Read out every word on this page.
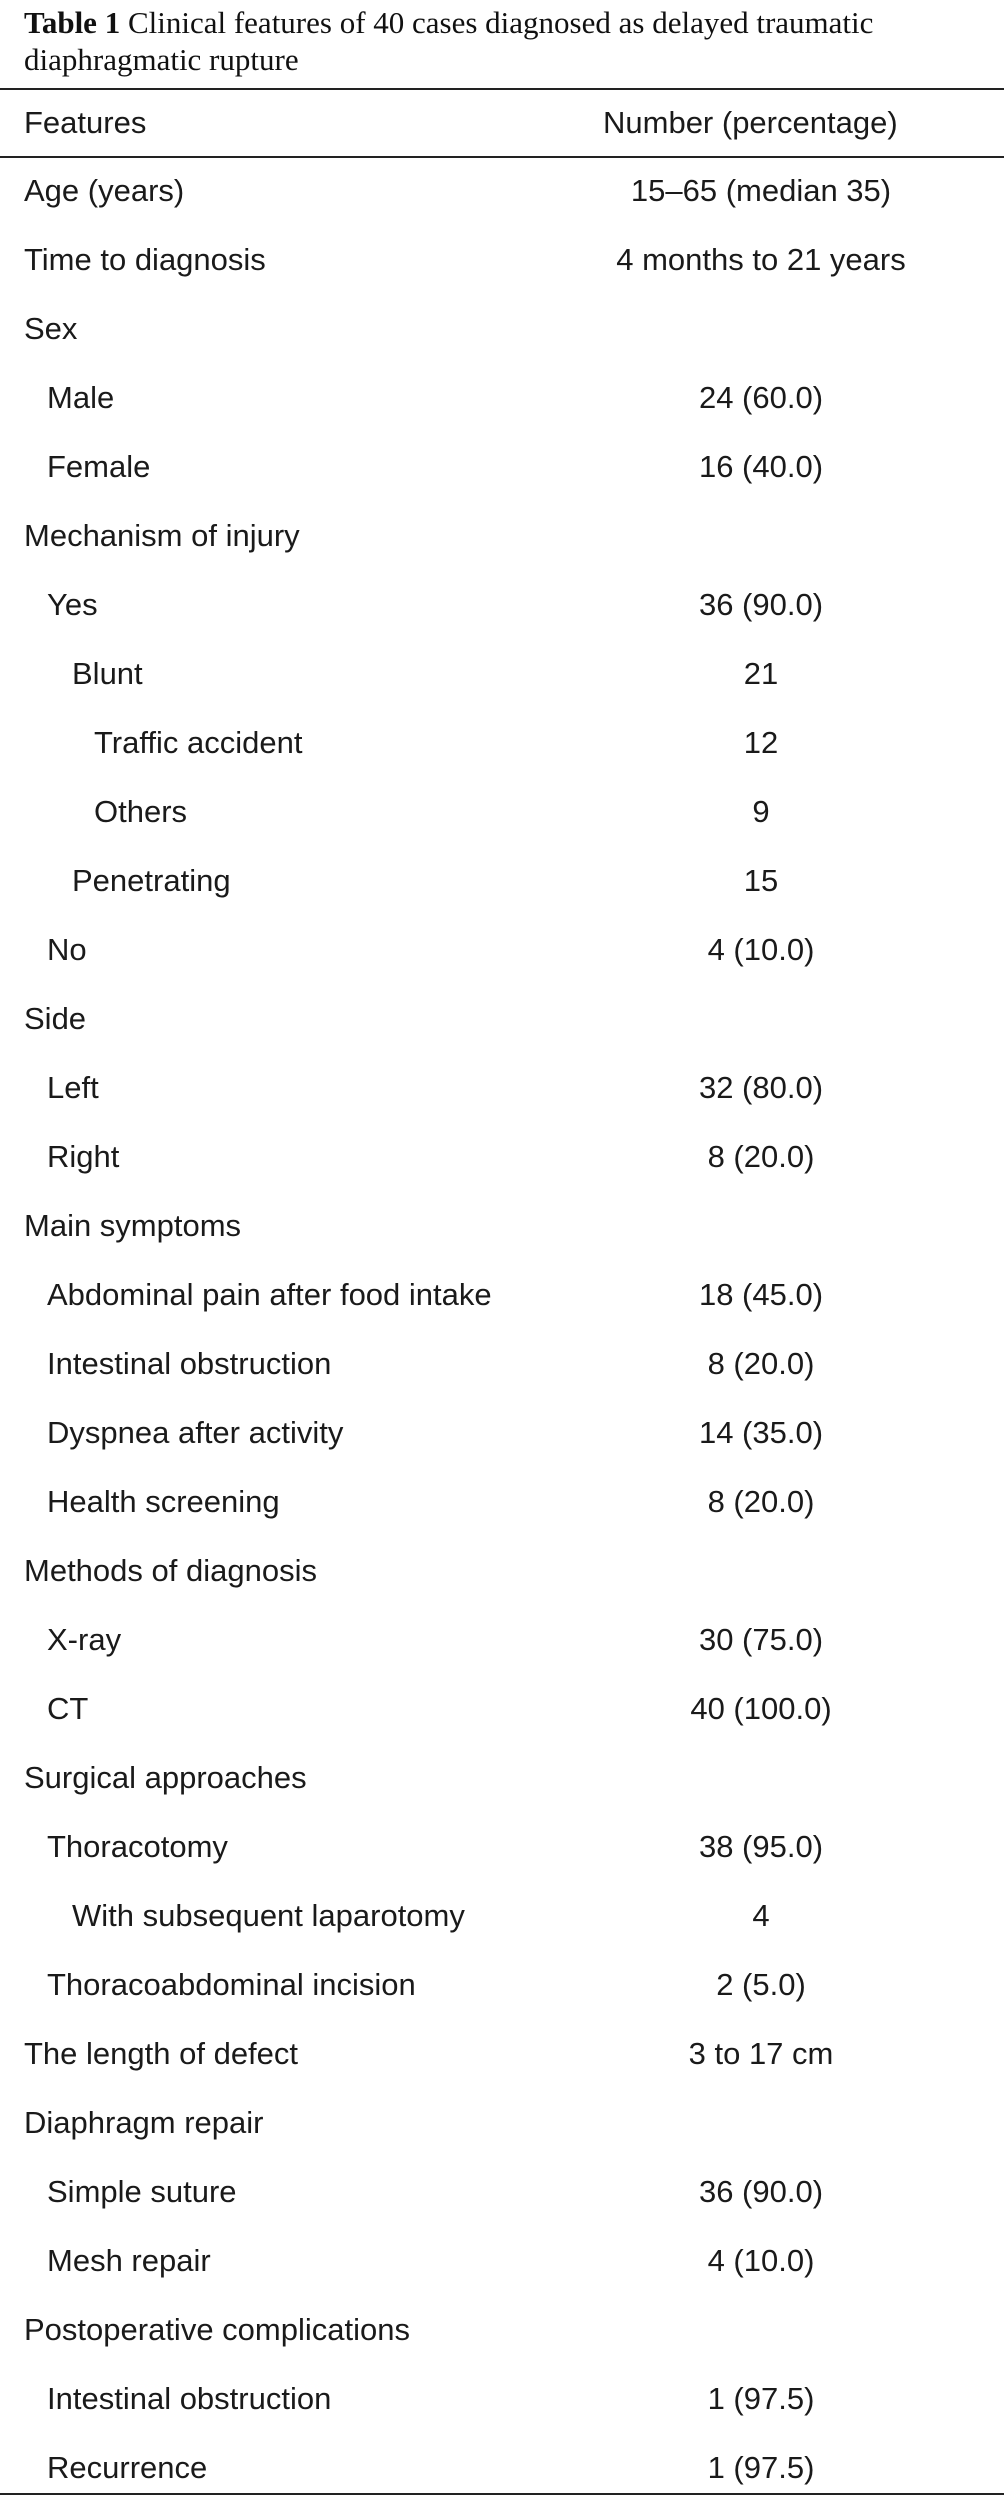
Table 1 Clinical features of 40 cases diagnosed as delayed traumatic diaphragmatic rupture
Features	Number (percentage)
Age (years)	15–65 (median 35)
Time to diagnosis	4 months to 21 years
Sex
Male	24 (60.0)
Female	16 (40.0)
Mechanism of injury
Yes	36 (90.0)
Blunt	21
Traffic accident	12
Others	9
Penetrating	15
No	4 (10.0)
Side
Left	32 (80.0)
Right	8 (20.0)
Main symptoms
Abdominal pain after food intake	18 (45.0)
Intestinal obstruction	8 (20.0)
Dyspnea after activity	14 (35.0)
Health screening	8 (20.0)
Methods of diagnosis
X-ray	30 (75.0)
CT	40 (100.0)
Surgical approaches
Thoracotomy	38 (95.0)
With subsequent laparotomy	4
Thoracoabdominal incision	2 (5.0)
The length of defect	3 to 17 cm
Diaphragm repair
Simple suture	36 (90.0)
Mesh repair	4 (10.0)
Postoperative complications
Intestinal obstruction	1 (97.5)
Recurrence	1 (97.5)
